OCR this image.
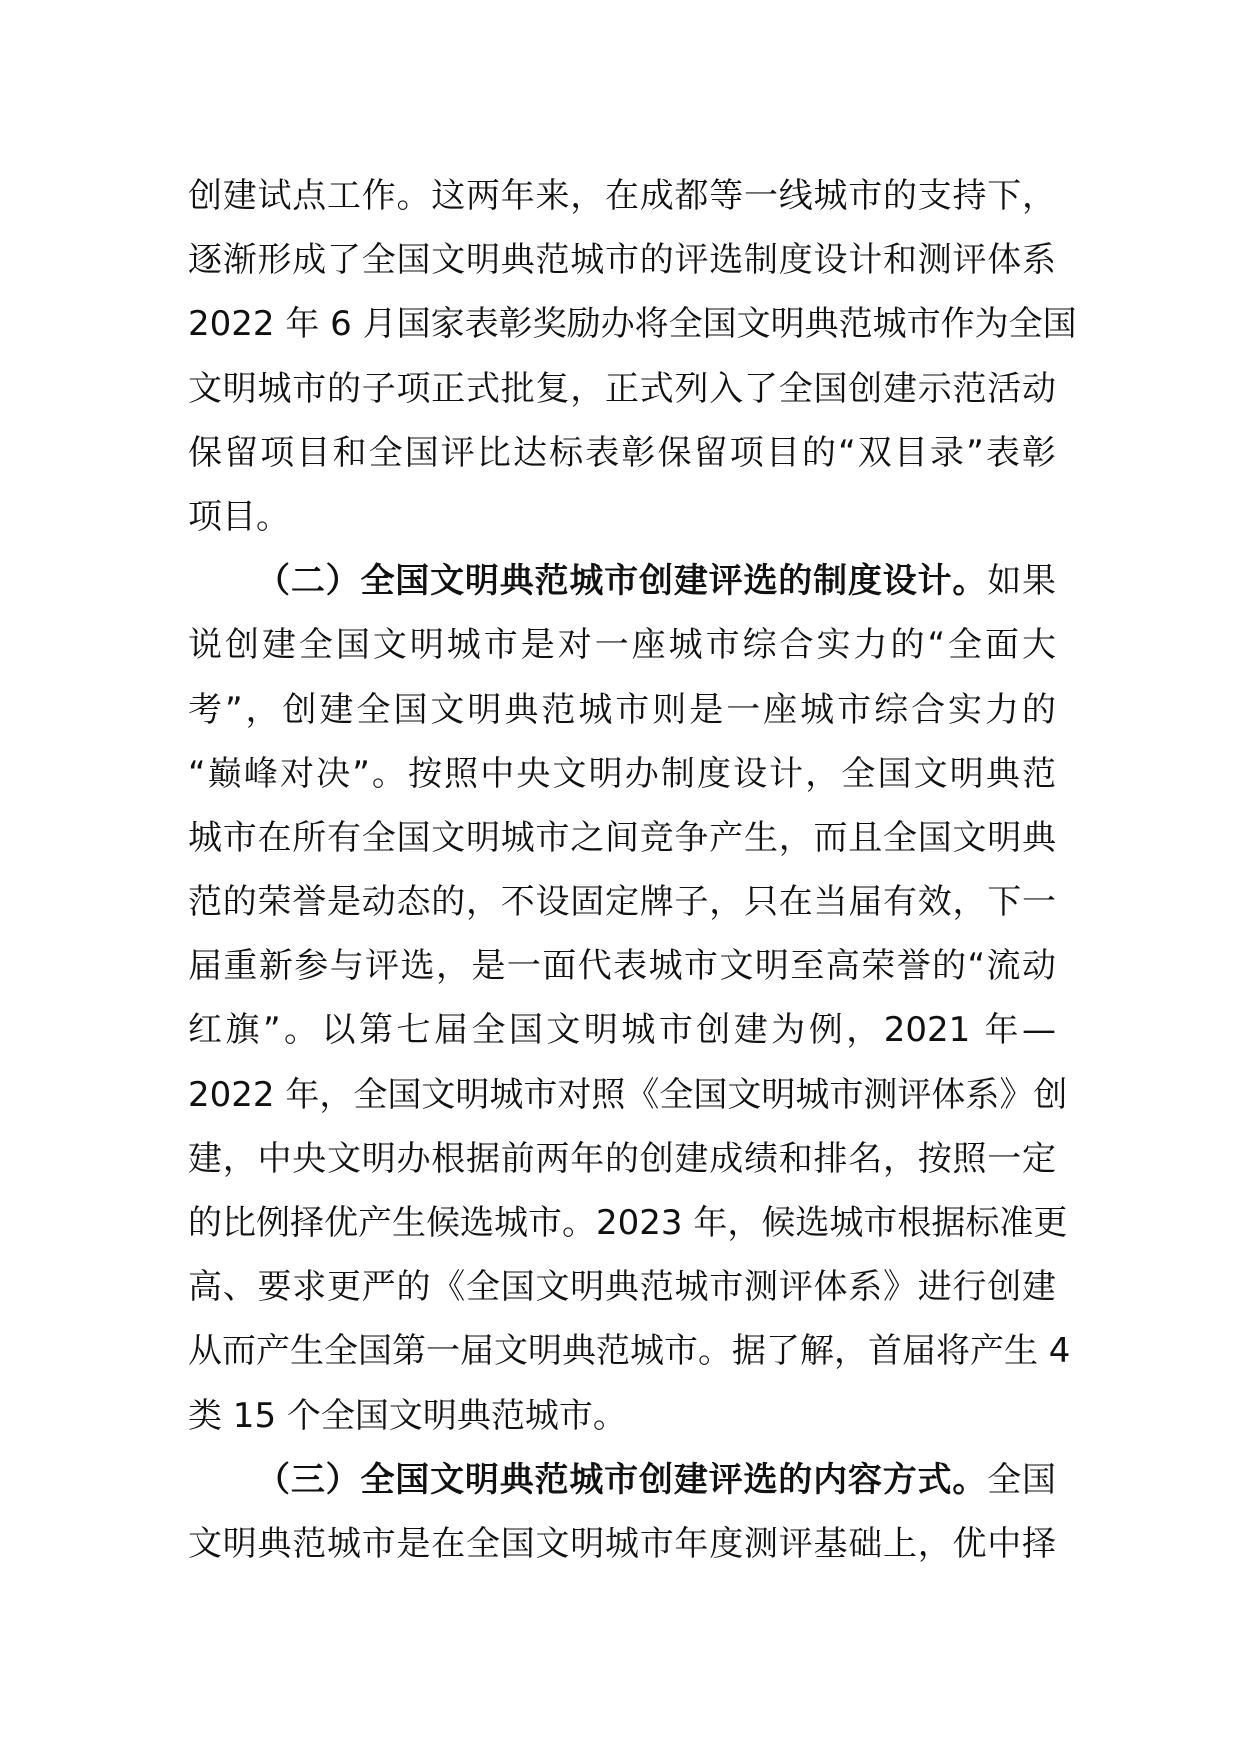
创建试点工作。这两年来，在成都等一线城市的支持下，
逐渐形成了全国文明典范城市的评选制度设计和测评体系
2022 年 6 月国家表彰奖励办将全国文明典范城市作为全国
文明城市的子项正式批复，正式列入了全国创建示范活动
保留项目和全国评比达标表彰保留项目的“双目录”表彰
项目。
（二）全国文明典范城市创建评选的制度设计。如果
说创建全国文明城市是对一座城市综合实力的“全面大
考”，创建全国文明典范城市则是一座城市综合实力的
“巅峰对决”。按照中央文明办制度设计，全国文明典范
城市在所有全国文明城市之间竞争产生，而且全国文明典
范的荣誉是动态的，不设固定牌子，只在当届有效，下一
届重新参与评选，是一面代表城市文明至高荣誉的“流动
红旗”。以第七届全国文明城市创建为例，2021 年—
2022 年，全国文明城市对照《全国文明城市测评体系》创
建，中央文明办根据前两年的创建成绩和排名，按照一定
的比例择优产生候选城市。2023 年，候选城市根据标准更
高、要求更严的《全国文明典范城市测评体系》进行创建
从而产生全国第一届文明典范城市。据了解，首届将产生 4
类 15 个全国文明典范城市。
（三）全国文明典范城市创建评选的内容方式。全国
文明典范城市是在全国文明城市年度测评基础上，优中择
